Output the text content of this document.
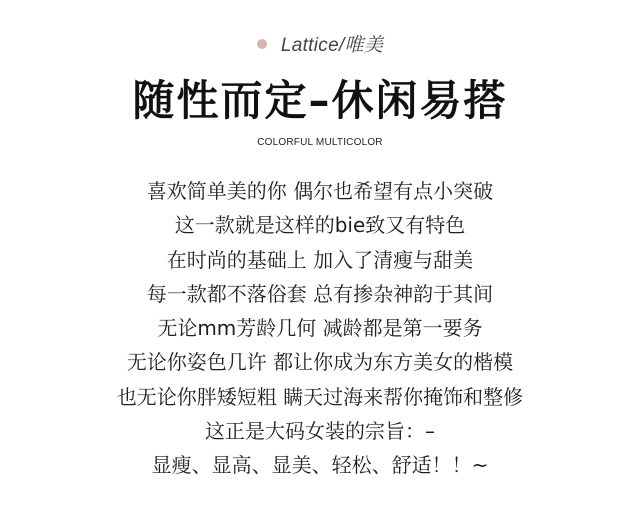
Lattice/唯美
随性而定–休闲易搭
COLORFUL MULTICOLOR
喜欢简单美的你 偶尔也希望有点小突破
这一款就是这样的bie致又有特色
在时尚的基础上 加入了清瘦与甜美
每一款都不落俗套 总有掺杂神韵于其间
无论mm芳龄几何 减龄都是第一要务
无论你姿色几许 都让你成为东方美女的楷模
也无论你胖矮短粗 瞒天过海来帮你掩饰和整修
这正是大码女装的宗旨：–
显瘦、显高、显美、轻松、舒适！！~
